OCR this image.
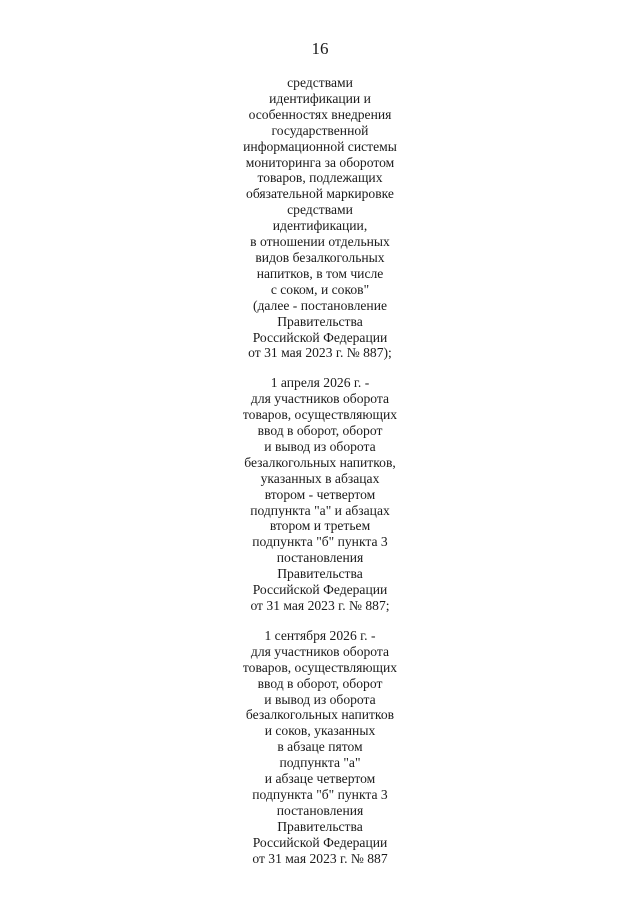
16

средствами
идентификации и
особенностях внедрения
государственной
информационной системы
мониторинга за оборотом
товаров, подлежащих
обязательной маркировке
средствами
идентификации,
в отношении отдельных
видов безалкогольных
напитков, в том числе
с соком, и соков"
(далее - постановление
Правительства
Российской Федерации
от 31 мая 2023 г. № 887);

1 апреля 2026 г. -
для участников оборота
товаров, осуществляющих
ввод в оборот, оборот
и вывод из оборота
безалкогольных напитков,
указанных в абзацах
втором - четвертом
подпункта "а" и абзацах
втором и третьем
подпункта "б" пункта 3
постановления
Правительства
Российской Федерации
от 31 мая 2023 г. № 887;

1 сентября 2026 г. -
для участников оборота
товаров, осуществляющих
ввод в оборот, оборот
и вывод из оборота
безалкогольных напитков
и соков, указанных
в абзаце пятом
подпункта "а"
и абзаце четвертом
подпункта "б" пункта 3
постановления
Правительства
Российской Федерации
от 31 мая 2023 г. № 887
